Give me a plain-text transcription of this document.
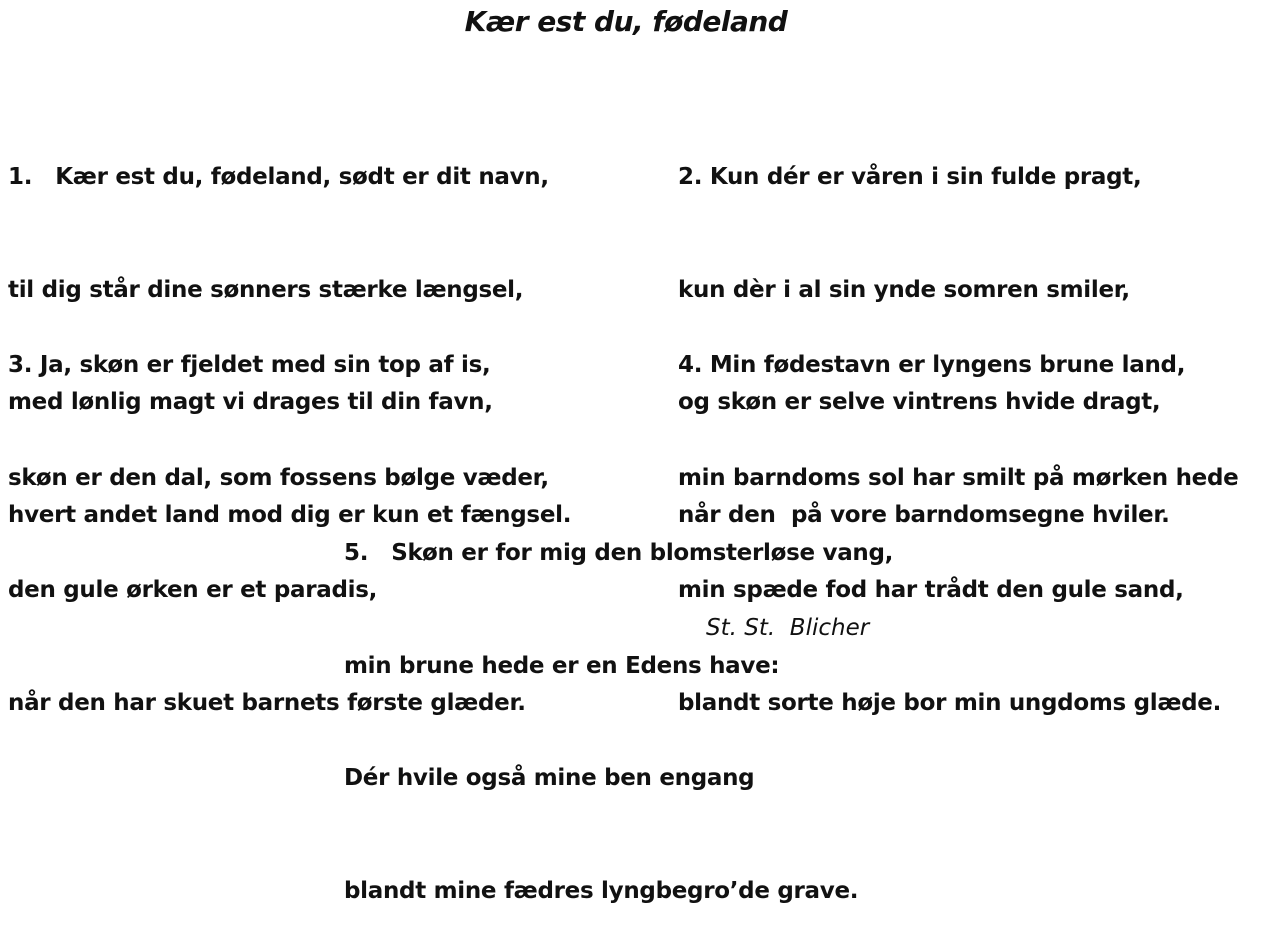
Kær est du, fødeland

1.   Kær est du, fødeland, sødt er dit navn,

til dig står dine sønners stærke længsel,

med lønlig magt vi drages til din favn,

hvert andet land mod dig er kun et fængsel.

2. Kun dér er våren i sin fulde pragt,

kun dèr i al sin ynde somren smiler,

og skøn er selve vintrens hvide dragt,

når den  på vore barndomsegne hviler.

3. Ja, skøn er fjeldet med sin top af is,

skøn er den dal, som fossens bølge væder,

den gule ørken er et paradis,

når den har skuet barnets første glæder.

4. Min fødestavn er lyngens brune land,

min barndoms sol har smilt på mørken hede

min spæde fod har trådt den gule sand,

blandt sorte høje bor min ungdoms glæde.

5.   Skøn er for mig den blomsterløse vang,

min brune hede er en Edens have:

Dér hvile også mine ben engang

blandt mine fædres lyngbegro’de grave.

St. St.  Blicher
